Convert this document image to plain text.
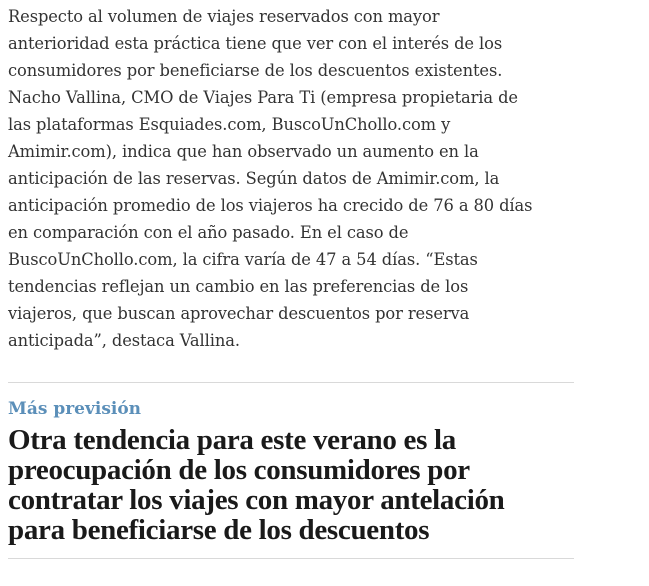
Respecto al volumen de viajes reservados con mayor
anterioridad esta práctica tiene que ver con el interés de los
consumidores por beneficiarse de los descuentos existentes.
Nacho Vallina, CMO de Viajes Para Ti (empresa propietaria de
las plataformas Esquiades.com, BuscoUnChollo.com y
Amimir.com), indica que han observado un aumento en la
anticipación de las reservas. Según datos de Amimir.com, la
anticipación promedio de los viajeros ha crecido de 76 a 80 días
en comparación con el año pasado. En el caso de
BuscoUnChollo.com, la cifra varía de 47 a 54 días. “Estas
tendencias reflejan un cambio en las preferencias de los
viajeros, que buscan aprovechar descuentos por reserva
anticipada”, destaca Vallina.

Más previsión
Otra tendencia para este verano es la
preocupación de los consumidores por
contratar los viajes con mayor antelación
para beneficiarse de los descuentos
